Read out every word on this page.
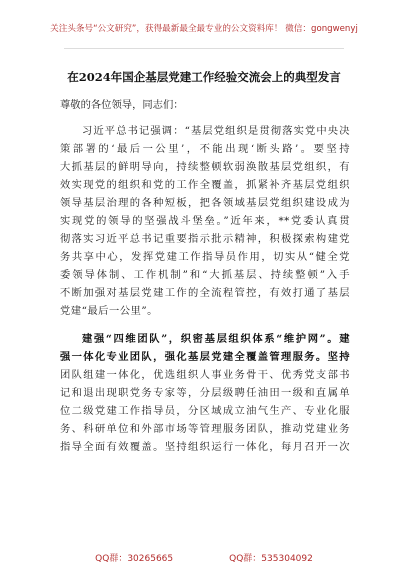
关注头条号“公文研究”，获得最新最全最专业的公文资料库！ 微信：gongwenyj
在2024年国企基层党建工作经验交流会上的典型发言
尊敬的各位领导，同志们：
习近平总书记强调：“基层党组织是贯彻落实党中央决
策部署的‘最后一公里’，不能出现‘断头路’。要坚持
大抓基层的鲜明导向，持续整顿软弱涣散基层党组织，有
效实现党的组织和党的工作全覆盖，抓紧补齐基层党组织
领导基层治理的各种短板，把各领域基层党组织建设成为
实现党的领导的坚强战斗堡垒。”近年来，**党委认真贯
彻落实习近平总书记重要指示批示精神，积极探索构建党
务共享中心，发挥党建工作指导员作用，切实从“健全党
委领导体制、工作机制”和“大抓基层、持续整顿”入手
不断加强对基层党建工作的全流程管控，有效打通了基层
党建“最后一公里”。
建强“四维团队”，织密基层组织体系“维护网”。建
强一体化专业团队，强化基层党建全覆盖管理服务。坚持
团队组建一体化，优选组织人事业务骨干、优秀党支部书
记和退出现职党务专家等，分层级聘任油田一级和直属单
位二级党建工作指导员，分区域成立油气生产、专业化服
务、科研单位和外部市场等管理服务团队，推动党建业务
指导全面有效覆盖。坚持组织运行一体化，每月召开一次
QQ群：30265665	QQ群：535304092
